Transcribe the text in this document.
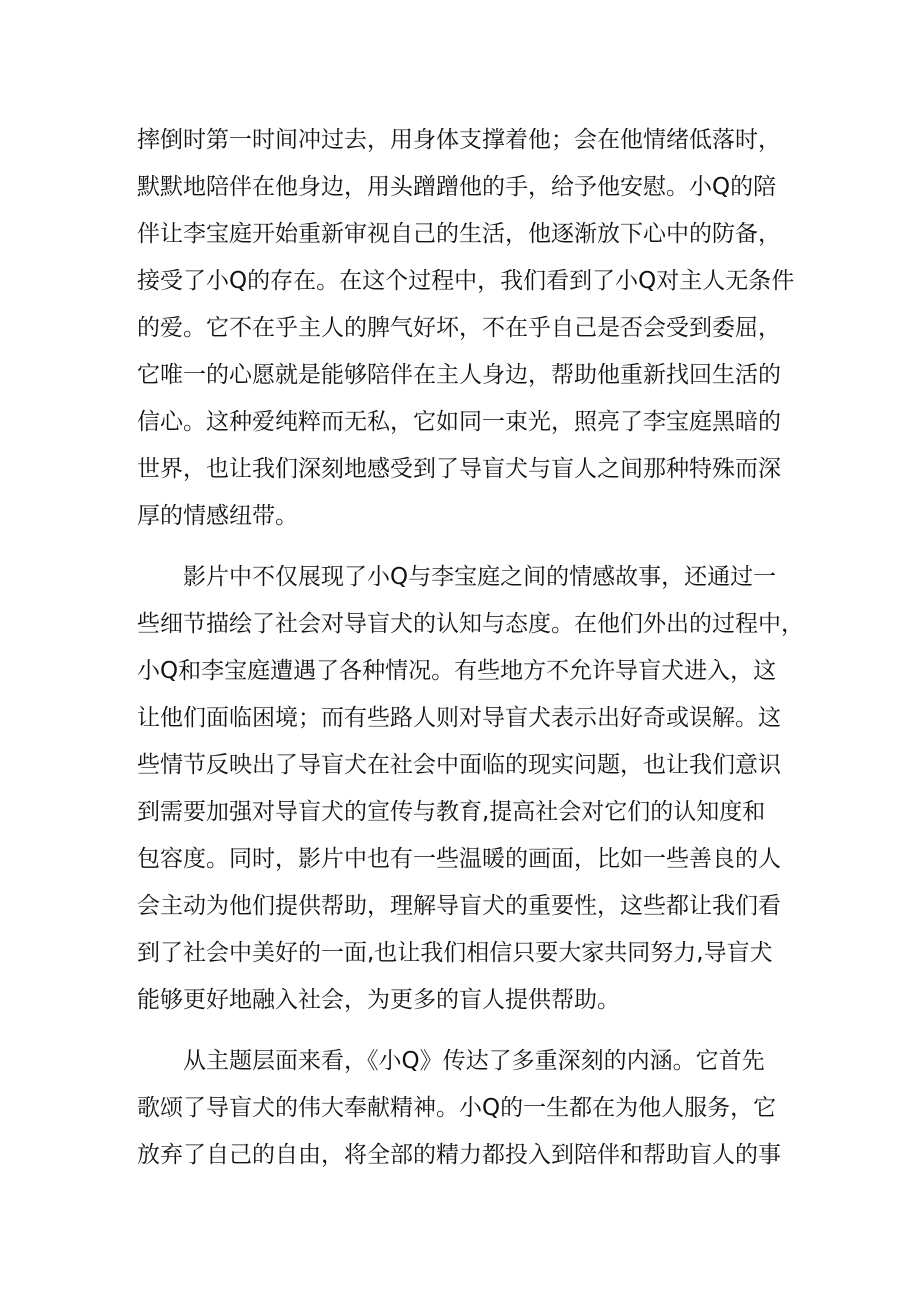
摔倒时第一时间冲过去，用身体支撑着他；会在他情绪低落时，
默默地陪伴在他身边，用头蹭蹭他的手，给予他安慰。小Q的陪
伴让李宝庭开始重新审视自己的生活，他逐渐放下心中的防备，
接受了小Q的存在。在这个过程中，我们看到了小Q对主人无条件
的爱。它不在乎主人的脾气好坏，不在乎自己是否会受到委屈，
它唯一的心愿就是能够陪伴在主人身边，帮助他重新找回生活的
信心。这种爱纯粹而无私，它如同一束光，照亮了李宝庭黑暗的
世界，也让我们深刻地感受到了导盲犬与盲人之间那种特殊而深
厚的情感纽带。
影片中不仅展现了小Q与李宝庭之间的情感故事，还通过一
些细节描绘了社会对导盲犬的认知与态度。在他们外出的过程中，
小Q和李宝庭遭遇了各种情况。有些地方不允许导盲犬进入，这
让他们面临困境；而有些路人则对导盲犬表示出好奇或误解。这
些情节反映出了导盲犬在社会中面临的现实问题，也让我们意识
到需要加强对导盲犬的宣传与教育,提高社会对它们的认知度和
包容度。同时，影片中也有一些温暖的画面，比如一些善良的人
会主动为他们提供帮助，理解导盲犬的重要性，这些都让我们看
到了社会中美好的一面,也让我们相信只要大家共同努力,导盲犬
能够更好地融入社会，为更多的盲人提供帮助。
从主题层面来看，《小Q》传达了多重深刻的内涵。它首先
歌颂了导盲犬的伟大奉献精神。小Q的一生都在为他人服务，它
放弃了自己的自由，将全部的精力都投入到陪伴和帮助盲人的事
